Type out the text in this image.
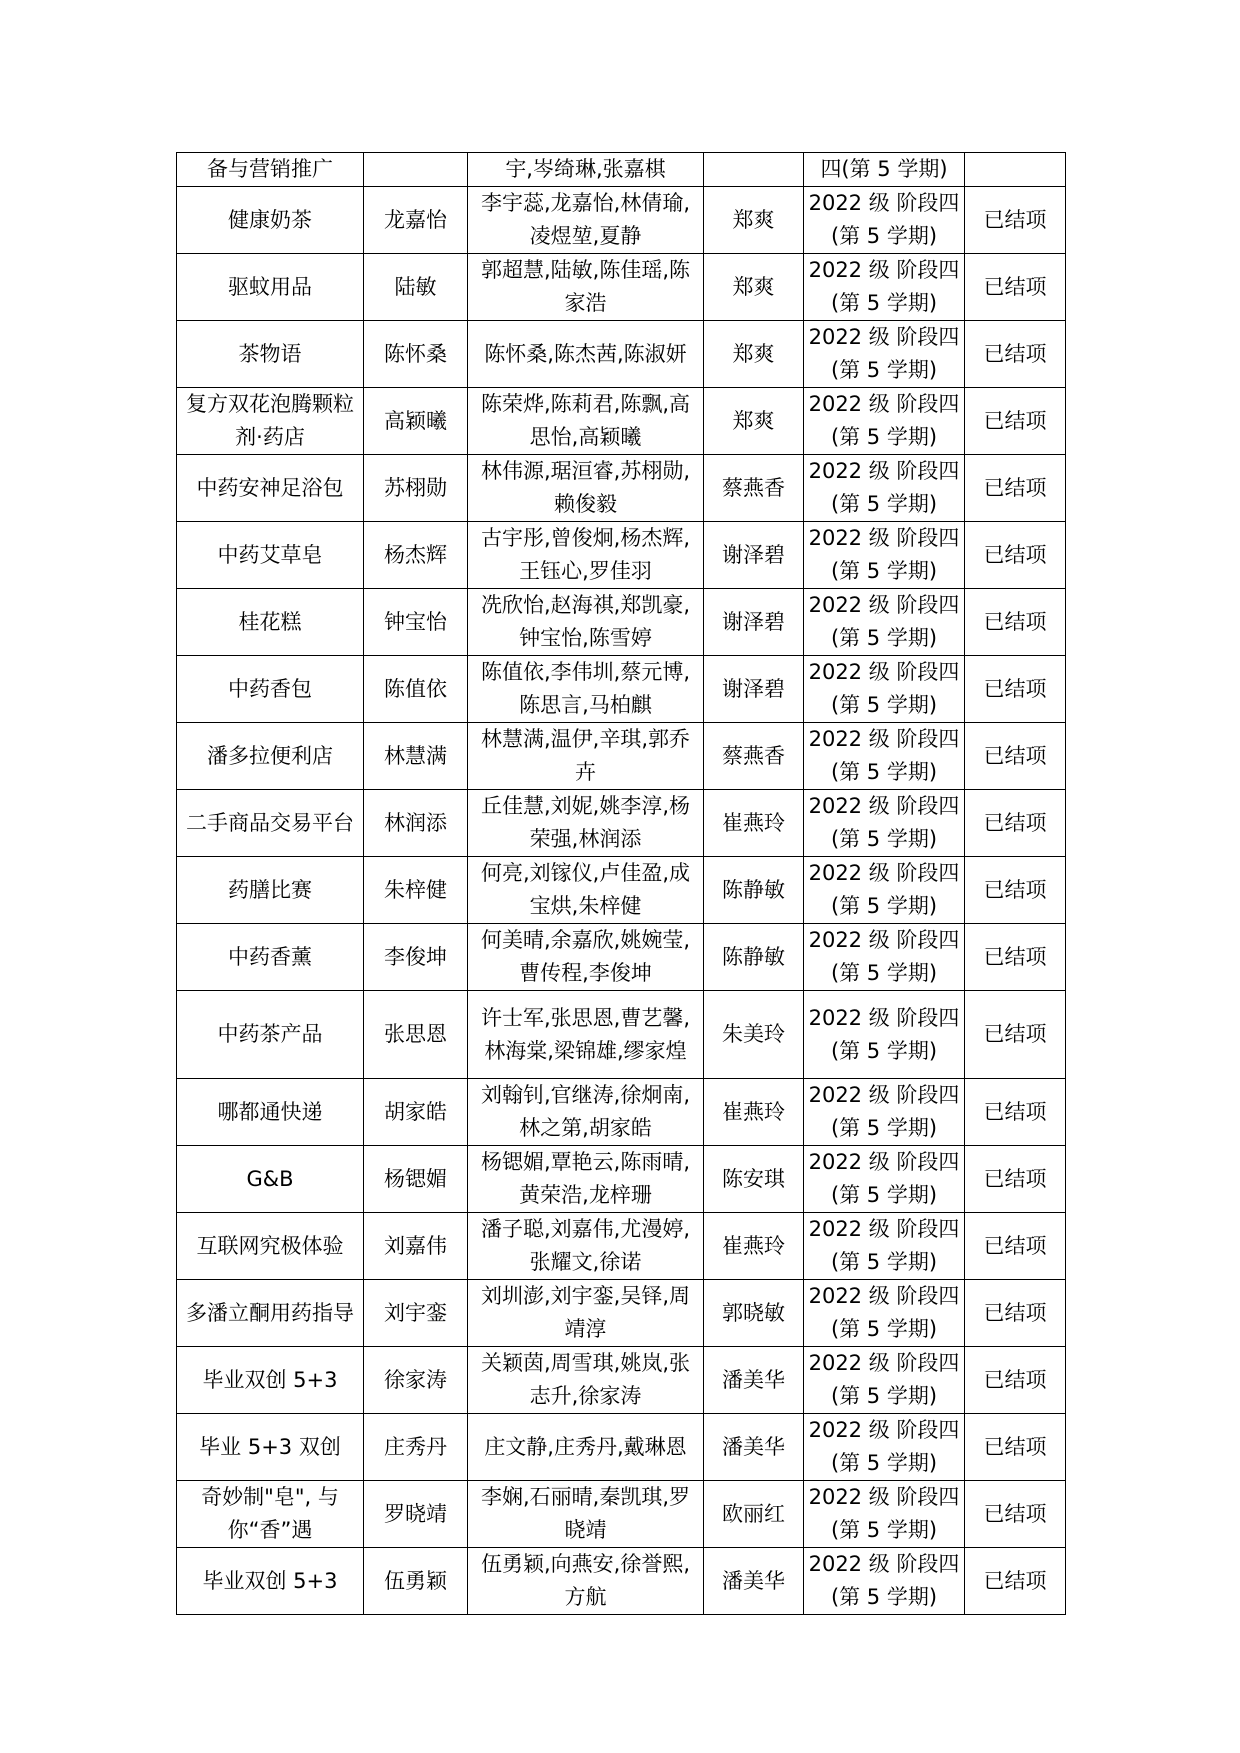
备与营销推广		宇,岑绮琳,张嘉棋		四(第 5 学期)	
健康奶茶	龙嘉怡	李宇蕊,龙嘉怡,林倩瑜,凌煜堃,夏静	郑爽	2022 级 阶段四(第 5 学期)	已结项
驱蚊用品	陆敏	郭超慧,陆敏,陈佳瑶,陈家浩	郑爽	2022 级 阶段四(第 5 学期)	已结项
茶物语	陈怀桑	陈怀桑,陈杰茜,陈淑妍	郑爽	2022 级 阶段四(第 5 学期)	已结项
复方双花泡腾颗粒剂·药店	高颖曦	陈荣烨,陈莉君,陈飘,高思怡,高颖曦	郑爽	2022 级 阶段四(第 5 学期)	已结项
中药安神足浴包	苏栩勋	林伟源,琚洹睿,苏栩勋,赖俊毅	蔡燕香	2022 级 阶段四(第 5 学期)	已结项
中药艾草皂	杨杰辉	古宇彤,曾俊炯,杨杰辉,王钰心,罗佳羽	谢泽碧	2022 级 阶段四(第 5 学期)	已结项
桂花糕	钟宝怡	冼欣怡,赵海祺,郑凯豪,钟宝怡,陈雪婷	谢泽碧	2022 级 阶段四(第 5 学期)	已结项
中药香包	陈值依	陈值依,李伟圳,蔡元博,陈思言,马柏麒	谢泽碧	2022 级 阶段四(第 5 学期)	已结项
潘多拉便利店	林慧满	林慧满,温伊,辛琪,郭乔卉	蔡燕香	2022 级 阶段四(第 5 学期)	已结项
二手商品交易平台	林润添	丘佳慧,刘妮,姚李淳,杨荣强,林润添	崔燕玲	2022 级 阶段四(第 5 学期)	已结项
药膳比赛	朱梓健	何亮,刘镓仪,卢佳盈,成宝烘,朱梓健	陈静敏	2022 级 阶段四(第 5 学期)	已结项
中药香薰	李俊坤	何美晴,余嘉欣,姚婉莹,曹传程,李俊坤	陈静敏	2022 级 阶段四(第 5 学期)	已结项
中药茶产品	张思恩	许士军,张思恩,曹艺馨,林海棠,梁锦雄,缪家煌	朱美玲	2022 级 阶段四(第 5 学期)	已结项
哪都通快递	胡家皓	刘翰钊,官继涛,徐炯南,林之第,胡家皓	崔燕玲	2022 级 阶段四(第 5 学期)	已结项
G&B	杨锶媚	杨锶媚,覃艳云,陈雨晴,黄荣浩,龙梓珊	陈安琪	2022 级 阶段四(第 5 学期)	已结项
互联网究极体验	刘嘉伟	潘子聪,刘嘉伟,尤漫婷,张耀文,徐诺	崔燕玲	2022 级 阶段四(第 5 学期)	已结项
多潘立酮用药指导	刘宇銮	刘圳澎,刘宇銮,吴铎,周靖淳	郭晓敏	2022 级 阶段四(第 5 学期)	已结项
毕业双创 5+3	徐家涛	关颖茵,周雪琪,姚岚,张志升,徐家涛	潘美华	2022 级 阶段四(第 5 学期)	已结项
毕业 5+3 双创	庄秀丹	庄文静,庄秀丹,戴琳恩	潘美华	2022 级 阶段四(第 5 学期)	已结项
奇妙制"皂", 与你“香”遇	罗晓靖	李娴,石丽晴,秦凯琪,罗晓靖	欧丽红	2022 级 阶段四(第 5 学期)	已结项
毕业双创 5+3	伍勇颖	伍勇颖,向燕安,徐誉熙,方航	潘美华	2022 级 阶段四(第 5 学期)	已结项
